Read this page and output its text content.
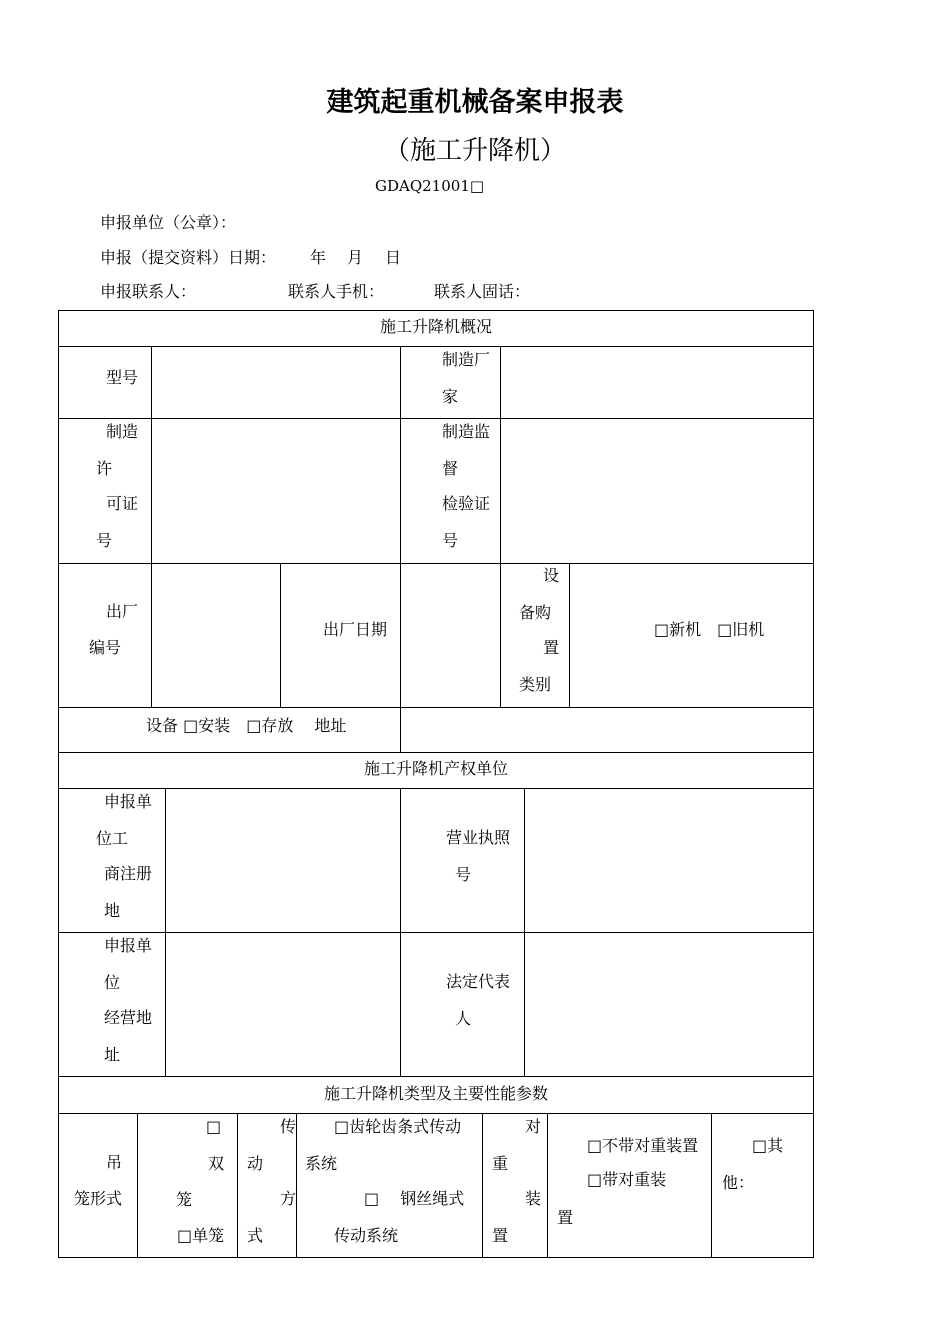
建筑起重机械备案申报表
（施工升降机）
GDAQ21001□
申报单位（公章）：
申报（提交资料）日期： 年 月 日
申报联系人：	联系人手机：	联系人固话：
施工升降机概况
型号
制造厂
家
制造
许
可证
号
制造监
督
检验证
号
出厂
编号
出厂日期
设
备购
置
类别
□新机　□旧机
设备 □安装　□存放　 地址
施工升降机产权单位
申报单
位工
商注册
地
营业执照
号
申报单
位
经营地
址
法定代表
人
施工升降机类型及主要性能参数
吊
笼形式
□
双
笼
□单笼
传
动
方
式
□齿轮齿条式传动
系统
□　 钢丝绳式
传动系统
对
重
装
置
□不带对重装置
□带对重装
置
□其
他：
